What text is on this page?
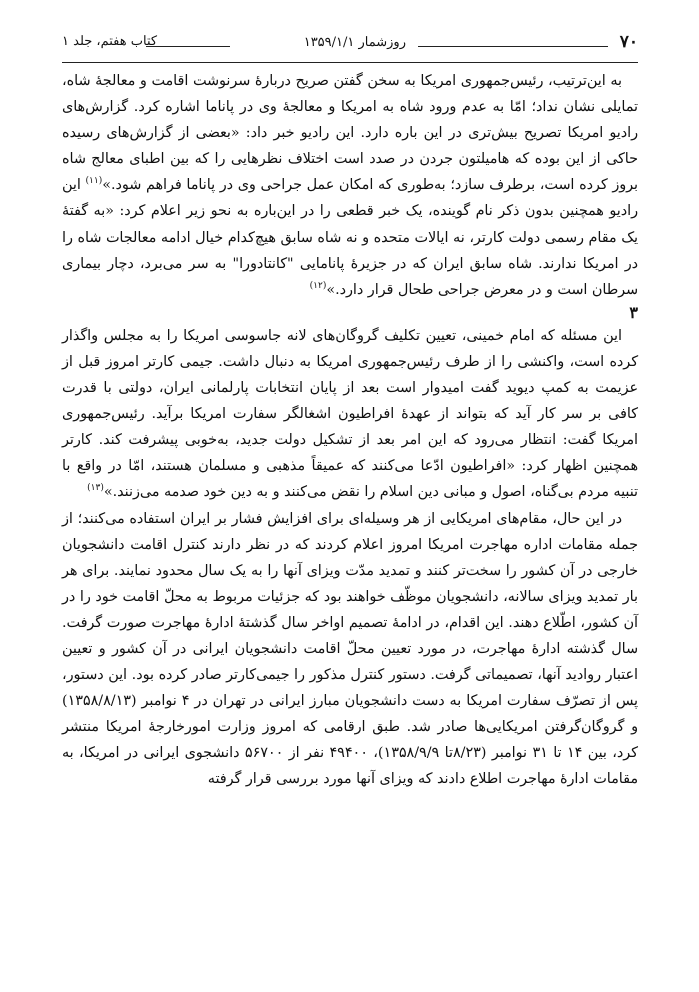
۷۰
روزشمار ۱۳۵۹/۱/۱
کتاب هفتم، جلد ۱

به این‌ترتیب، رئیس‌جمهوری امریکا به سخن گفتن صریح دربارهٔ سرنوشت اقامت و معالجهٔ شاه، تمایلی نشان نداد؛ امّا به عدم ورود شاه به امریکا و معالجهٔ وی در پاناما اشاره کرد. گزارش‌های رادیو امریکا تصریح بیش‌تری در این باره دارد. این رادیو خبر داد: «بعضی از گزارش‌های رسیده حاکی از این بوده که هامیلتون جردن در صدد است اختلاف نظرهایی را که بین اطبای معالج شاه بروز کرده است، برطرف سازد؛ به‌طوری که امکان عمل جراحی وی در پاناما فراهم شود.»$^{(۱۱)}$ این رادیو همچنین بدون ذکر نام گوینده، یک خبر قطعی را در این‌باره به نحو زیر اعلام کرد: «به گفتهٔ یک مقام رسمی دولت کارتر، نه ایالات متحده و نه شاه سابق هیچ‌کدام خیال ادامه معالجات شاه را در امریکا ندارند. شاه سابق ایران که در جزیرهٔ پانامایی "کانتادورا" به سر می‌برد، دچار بیماری سرطان است و در معرض جراحی طحال قرار دارد.»$^{(۱۲)}$

۳

این مسئله که امام خمینی، تعیین تکلیف گروگان‌های لانه جاسوسی امریکا را به مجلس واگذار کرده است، واکنشی را از طرف رئیس‌جمهوری امریکا به دنبال داشت. جیمی کارتر امروز قبل از عزیمت به کمپ دیوید گفت امیدوار است بعد از پایان انتخابات پارلمانی ایران، دولتی با قدرت کافی بر سر کار آید که بتواند از عهدهٔ افراطیون اشغالگر سفارت امریکا برآید. رئیس‌جمهوری امریکا گفت: انتظار می‌رود که این امر بعد از تشکیل دولت جدید، به‌خوبی پیشرفت کند. کارتر همچنین اظهار کرد: «افراطیون ادّعا می‌کنند که عمیقاً مذهبی و مسلمان هستند، امّا در واقع با تنبیه مردم بی‌گناه، اصول و مبانی دین اسلام را نقض می‌کنند و به دین خود صدمه می‌زنند.»$^{(۱۳)}$

در این حال، مقام‌های امریکایی از هر وسیله‌ای برای افزایش فشار بر ایران استفاده می‌کنند؛ از جمله مقامات اداره مهاجرت امریکا امروز اعلام کردند که در نظر دارند کنترل اقامت دانشجویان خارجی در آن کشور را سخت‌تر کنند و تمدید مدّت ویزای آنها را به یک سال محدود نمایند. برای هر بار تمدید ویزای سالانه، دانشجویان موظّف خواهند بود که جزئیات مربوط به محلّ اقامت خود را در آن کشور، اطّلاع دهند. این اقدام، در ادامهٔ تصمیم اواخر سال گذشتهٔ ادارهٔ مهاجرت صورت گرفت. سال گذشته ادارهٔ مهاجرت، در مورد تعیین محلّ اقامت دانشجویان ایرانی در آن کشور و تعیین اعتبار روادید آنها، تصمیماتی گرفت. دستور کنترل مذکور را جیمی‌کارتر صادر کرده بود. این دستور، پس از تصرّف سفارت امریکا به دست دانشجویان مبارز ایرانی در تهران در ۴ نوامبر (۱۳۵۸/۸/۱۳) و گروگان‌گرفتن امریکایی‌ها صادر شد. طبق ارقامی که امروز وزارت امورخارجهٔ امریکا منتشر کرد، بین ۱۴ تا ۳۱ نوامبر (۸/۲۳تا ۱۳۵۸/۹/۹)، ۴۹۴۰۰ نفر از ۵۶۷۰۰ دانشجوی ایرانی در امریکا، به مقامات ادارهٔ مهاجرت اطلاع دادند که ویزای آنها مورد بررسی قرار گرفته
